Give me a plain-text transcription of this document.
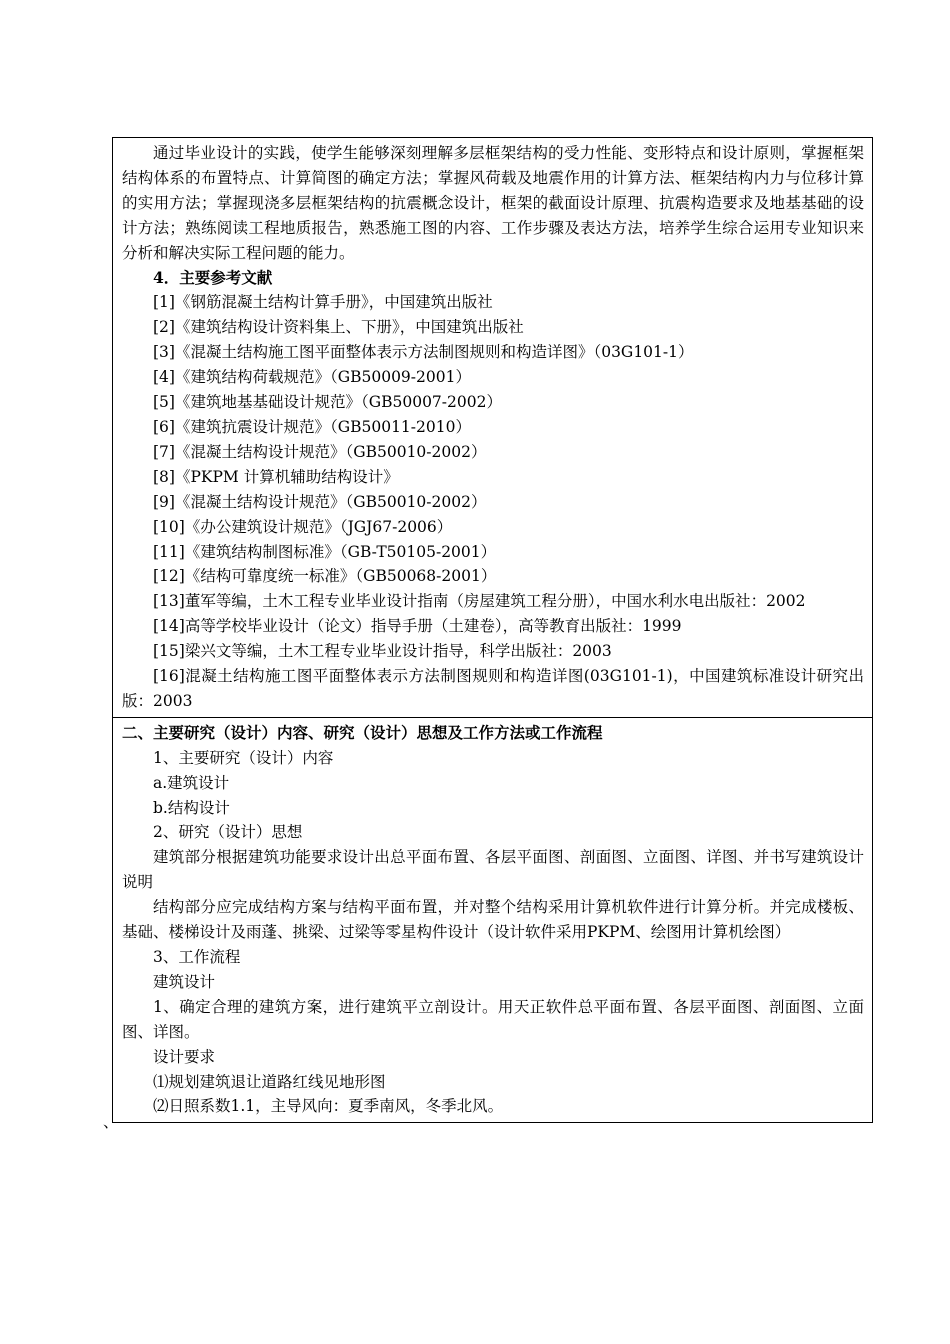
通过毕业设计的实践，使学生能够深刻理解多层框架结构的受力性能、变形特点和设计原则，掌握框架结构体系的布置特点、计算简图的确定方法；掌握风荷载及地震作用的计算方法、框架结构内力与位移计算的实用方法；掌握现浇多层框架结构的抗震概念设计，框架的截面设计原理、抗震构造要求及地基基础的设计方法；熟练阅读工程地质报告，熟悉施工图的内容、工作步骤及表达方法，培养学生综合运用专业知识来分析和解决实际工程问题的能力。

4．主要参考文献

[1]《钢筋混凝土结构计算手册》，中国建筑出版社

[2]《建筑结构设计资料集上、下册》，中国建筑出版社

[3]《混凝土结构施工图平面整体表示方法制图规则和构造详图》（03G101-1）

[4]《建筑结构荷载规范》（GB50009-2001）

[5]《建筑地基基础设计规范》（GB50007-2002）

[6]《建筑抗震设计规范》（GB50011-2010）

[7]《混凝土结构设计规范》（GB50010-2002）

[8]《PKPM 计算机辅助结构设计》

[9]《混凝土结构设计规范》（GB50010-2002）

[10]《办公建筑设计规范》（JGJ67-2006）

[11]《建筑结构制图标准》（GB-T50105-2001）

[12]《结构可靠度统一标准》（GB50068-2001）

[13]董军等编，土木工程专业毕业设计指南（房屋建筑工程分册），中国水利水电出版社：2002

[14]高等学校毕业设计（论文）指导手册（土建卷），高等教育出版社：1999

[15]梁兴文等编，土木工程专业毕业设计指导，科学出版社：2003

[16]混凝土结构施工图平面整体表示方法制图规则和构造详图(03G101-1)，中国建筑标准设计研究出版：2003

二、主要研究（设计）内容、研究（设计）思想及工作方法或工作流程

1、主要研究（设计）内容

a.建筑设计

b.结构设计

2、研究（设计）思想

建筑部分根据建筑功能要求设计出总平面布置、各层平面图、剖面图、立面图、详图、并书写建筑设计说明

结构部分应完成结构方案与结构平面布置，并对整个结构采用计算机软件进行计算分析。并完成楼板、基础、楼梯设计及雨蓬、挑梁、过梁等零星构件设计（设计软件采用PKPM、绘图用计算机绘图）

3、工作流程

建筑设计

1、确定合理的建筑方案，进行建筑平立剖设计。用天正软件总平面布置、各层平面图、剖面图、立面图、详图。

设计要求

⑴规划建筑退让道路红线见地形图

⑵日照系数1.1，主导风向：夏季南风，冬季北风。

、
